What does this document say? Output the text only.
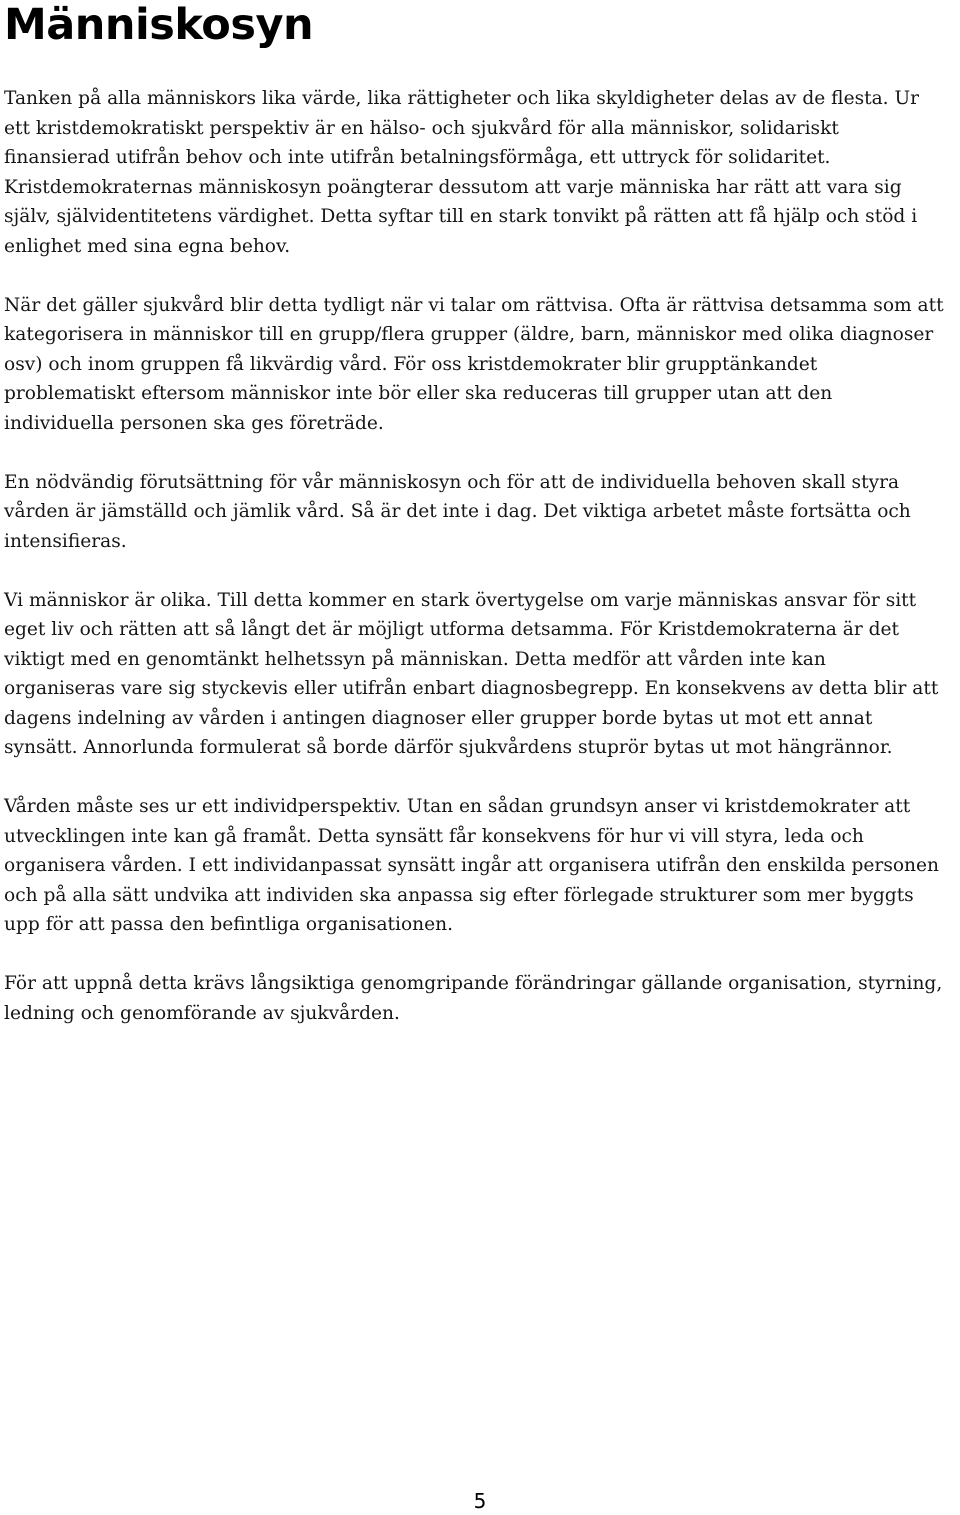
Människosyn

Tanken på alla människors lika värde, lika rättigheter och lika skyldigheter delas av de flesta. Ur
ett kristdemokratiskt perspektiv är en hälso- och sjukvård för alla människor, solidariskt
finansierad utifrån behov och inte utifrån betalningsförmåga, ett uttryck för solidaritet.
Kristdemokraternas människosyn poängterar dessutom att varje människa har rätt att vara sig
själv, självidentitetens värdighet. Detta syftar till en stark tonvikt på rätten att få hjälp och stöd i
enlighet med sina egna behov.

När det gäller sjukvård blir detta tydligt när vi talar om rättvisa. Ofta är rättvisa detsamma som att
kategorisera in människor till en grupp/flera grupper (äldre, barn, människor med olika diagnoser
osv) och inom gruppen få likvärdig vård. För oss kristdemokrater blir grupptänkandet
problematiskt eftersom människor inte bör eller ska reduceras till grupper utan att den
individuella personen ska ges företräde.

En nödvändig förutsättning för vår människosyn och för att de individuella behoven skall styra
vården är jämställd och jämlik vård. Så är det inte i dag. Det viktiga arbetet måste fortsätta och
intensifieras.

Vi människor är olika. Till detta kommer en stark övertygelse om varje människas ansvar för sitt
eget liv och rätten att så långt det är möjligt utforma detsamma. För Kristdemokraterna är det
viktigt med en genomtänkt helhetssyn på människan. Detta medför att vården inte kan
organiseras vare sig styckevis eller utifrån enbart diagnosbegrepp. En konsekvens av detta blir att
dagens indelning av vården i antingen diagnoser eller grupper borde bytas ut mot ett annat
synsätt. Annorlunda formulerat så borde därför sjukvårdens stuprör bytas ut mot hängrännor.

Vården måste ses ur ett individperspektiv. Utan en sådan grundsyn anser vi kristdemokrater att
utvecklingen inte kan gå framåt. Detta synsätt får konsekvens för hur vi vill styra, leda och
organisera vården. I ett individanpassat synsätt ingår att organisera utifrån den enskilda personen
och på alla sätt undvika att individen ska anpassa sig efter förlegade strukturer som mer byggts
upp för att passa den befintliga organisationen.

För att uppnå detta krävs långsiktiga genomgripande förändringar gällande organisation, styrning,
ledning och genomförande av sjukvården.

5
